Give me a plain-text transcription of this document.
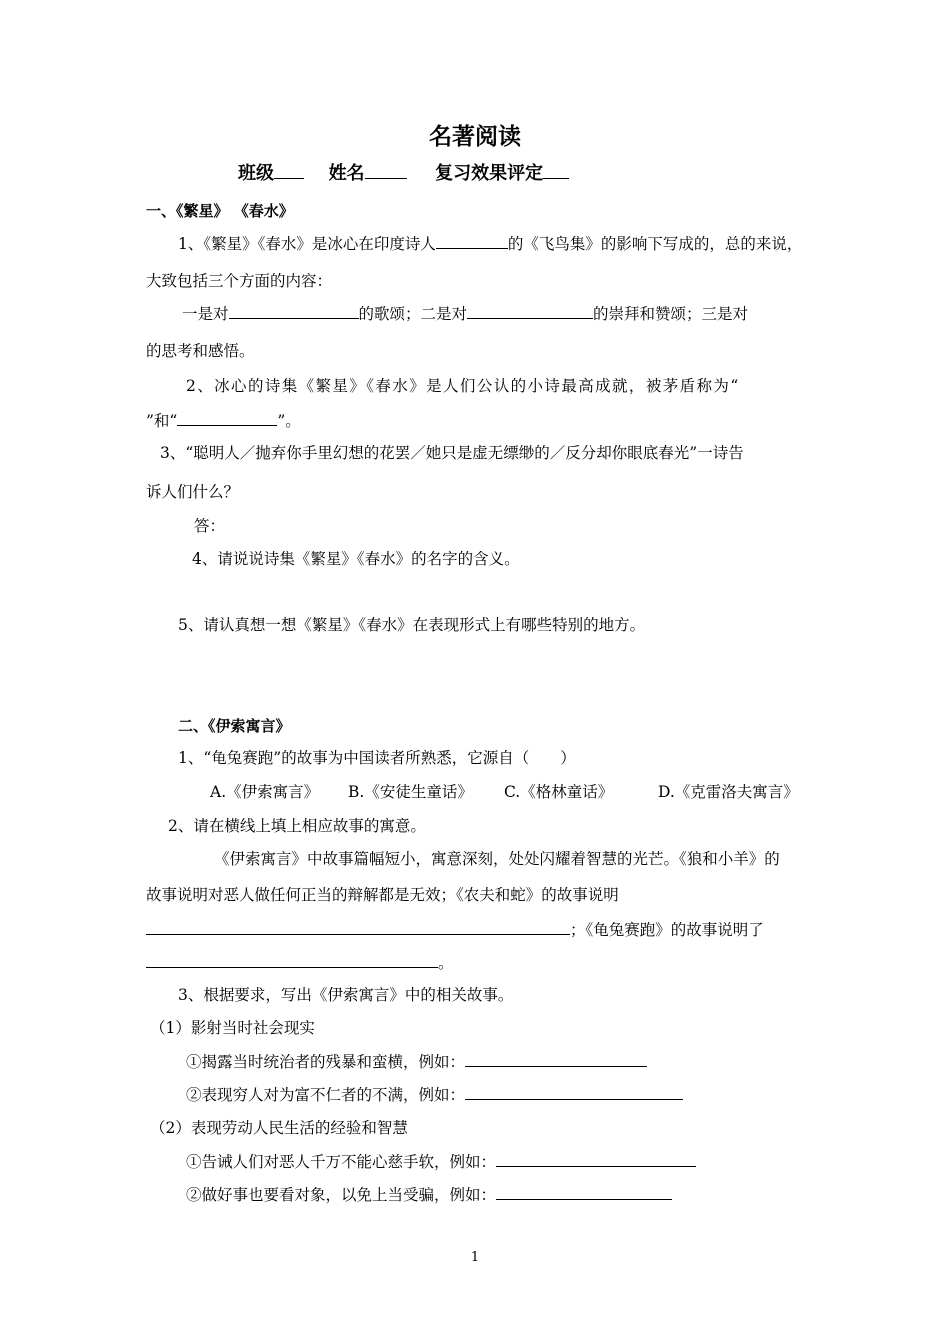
名著阅读
班级	姓名	复习效果评定
一、《繁星》 《春水》
1、《繁星》《春水》是冰心在印度诗人	的《飞鸟集》的影响下写成的，总的来说，
大致包括三个方面的内容：
一是对	的歌颂；二是对	的崇拜和赞颂；三是对
的思考和感悟。
2、冰心的诗集《繁星》《春水》是人们公认的小诗最高成就，被茅盾称为“
”和“	”。
3、“聪明人／抛弃你手里幻想的花罢／她只是虚无缥缈的／反分却你眼底春光”一诗告
诉人们什么？
答：
4、请说说诗集《繁星》《春水》的名字的含义。
5、请认真想一想《繁星》《春水》在表现形式上有哪些特别的地方。
二、《伊索寓言》
1、“龟兔赛跑”的故事为中国读者所熟悉，它源自（　　）
A.《伊索寓言》 B.《安徒生童话》 C.《格林童话》	D.《克雷洛夫寓言》
2、请在横线上填上相应故事的寓意。
《伊索寓言》中故事篇幅短小，寓意深刻，处处闪耀着智慧的光芒。《狼和小羊》的
故事说明对恶人做任何正当的辩解都是无效；《农夫和蛇》的故事说明
；《龟兔赛跑》的故事说明了
。
3、根据要求，写出《伊索寓言》中的相关故事。
（1）影射当时社会现实
①揭露当时统治者的残暴和蛮横，例如：
②表现穷人对为富不仁者的不满，例如：
（2）表现劳动人民生活的经验和智慧
①告诫人们对恶人千万不能心慈手软，例如：
②做好事也要看对象，以免上当受骗，例如：
1
